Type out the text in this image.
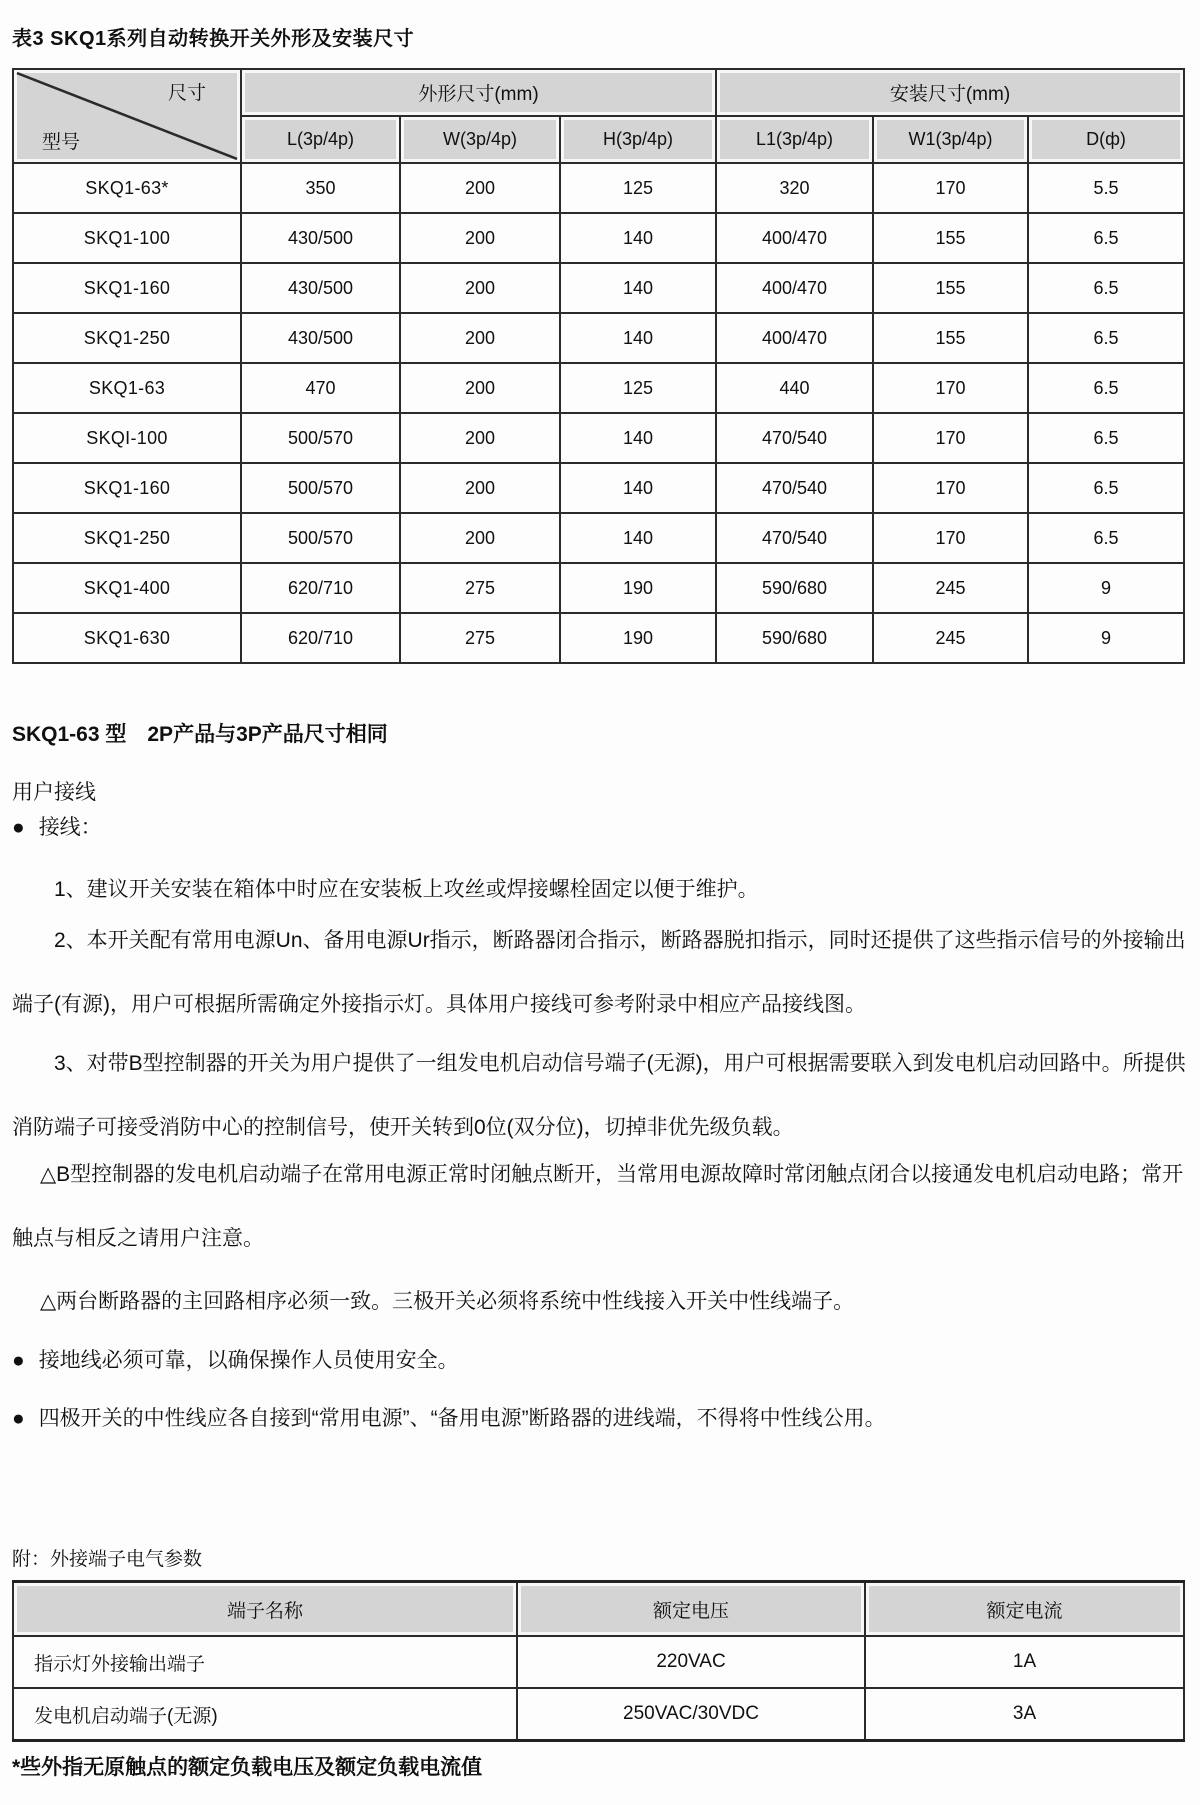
表3 SKQ1系列自动转换开关外形及安装尺寸
尺寸
型号	外形尺寸(mm)			安装尺寸(mm)		
	L(3p/4p)	W(3p/4p)	H(3p/4p)	L1(3p/4p)	W1(3p/4p)	D(ф)
SKQ1-63*	350	200	125	320	170	5.5
SKQ1-100	430/500	200	140	400/470	155	6.5
SKQ1-160	430/500	200	140	400/470	155	6.5
SKQ1-250	430/500	200	140	400/470	155	6.5
SKQ1-63	470	200	125	440	170	6.5
SKQI-100	500/570	200	140	470/540	170	6.5
SKQ1-160	500/570	200	140	470/540	170	6.5
SKQ1-250	500/570	200	140	470/540	170	6.5
SKQ1-400	620/710	275	190	590/680	245	9
SKQ1-630	620/710	275	190	590/680	245	9

SKQ1-63 型　2P产品与3P产品尺寸相同

用户接线
● 接线：

1、建议开关安装在箱体中时应在安装板上攻丝或焊接螺栓固定以便于维护。

2、本开关配有常用电源Un、备用电源Ur指示，断路器闭合指示，断路器脱扣指示，同时还提供了这些指示信号的外接输出端子(有源)，用户可根据所需确定外接指示灯。具体用户接线可参考附录中相应产品接线图。

3、对带B型控制器的开关为用户提供了一组发电机启动信号端子(无源)，用户可根据需要联入到发电机启动回路中。所提供消防端子可接受消防中心的控制信号，使开关转到0位(双分位)，切掉非优先级负载。

△B型控制器的发电机启动端子在常用电源正常时闭触点断开，当常用电源故障时常闭触点闭合以接通发电机启动电路；常开触点与相反之请用户注意。

△两台断路器的主回路相序必须一致。三极开关必须将系统中性线接入开关中性线端子。

● 接地线必须可靠，以确保操作人员使用安全。
● 四极开关的中性线应各自接到“常用电源”、“备用电源”断路器的进线端，不得将中性线公用。
附：外接端子电气参数
端子名称	额定电压	额定电流
指示灯外接输出端子	220VAC	1A
发电机启动端子(无源)	250VAC/30VDC	3A
*些外指无原触点的额定负载电压及额定负载电流值
